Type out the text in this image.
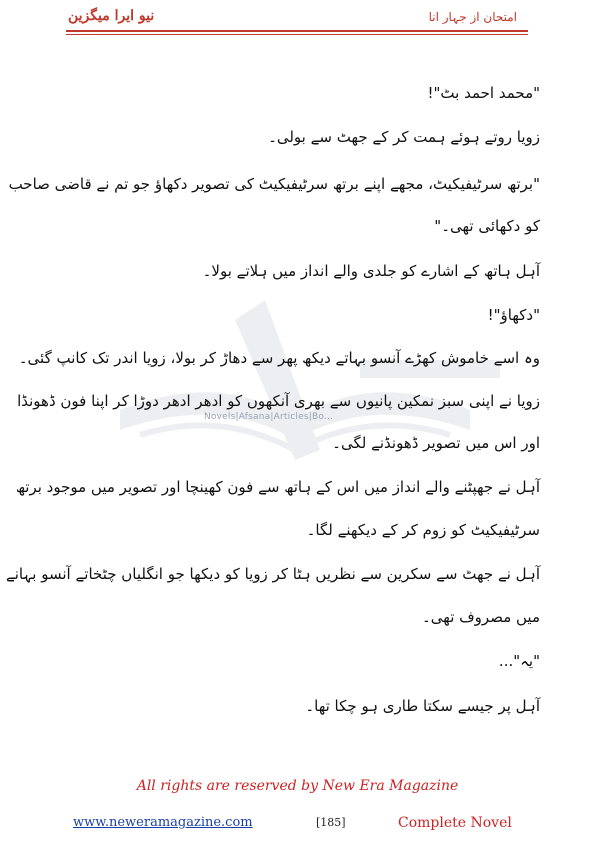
نیو ایرا میگزین	امتحان از جہار انا
Novels|Afsana|Articles|Bo...
"محمد احمد بٹ"!
زویا روتے ہوئے ہمت کر کے جھٹ سے بولی۔
"برتھ سرٹیفیکیٹ، مجھے اپنے برتھ سرٹیفیکیٹ کی تصویر دکھاؤ جو تم نے قاضی صاحب
کو دکھائی تھی۔"
آہل ہاتھ کے اشارے کو جلدی والے انداز میں ہلاتے بولا۔
"دکھاؤ"!
وہ اسے خاموش کھڑے آنسو بہاتے دیکھ پھر سے دھاڑ کر بولا، زویا اندر تک کانپ گئی۔
زویا نے اپنی سبز نمکین پانیوں سے بھری آنکھوں کو ادھر ادھر دوڑا کر اپنا فون ڈھونڈا
اور اس میں تصویر ڈھونڈنے لگی۔
آہل نے جھپٹنے والے انداز میں اس کے ہاتھ سے فون کھینچا اور تصویر میں موجود برتھ
سرٹیفیکیٹ کو زوم کر کے دیکھنے لگا۔
آہل نے جھٹ سے سکرین سے نظریں ہٹا کر زویا کو دیکھا جو انگلیاں چٹخاتے آنسو بہانے
میں مصروف تھی۔
"یہ"...
آہل پر جیسے سکتا طاری ہو چکا تھا۔
All rights are reserved by New Era Magazine
www.neweramagazine.com	[185]	Complete Novel
